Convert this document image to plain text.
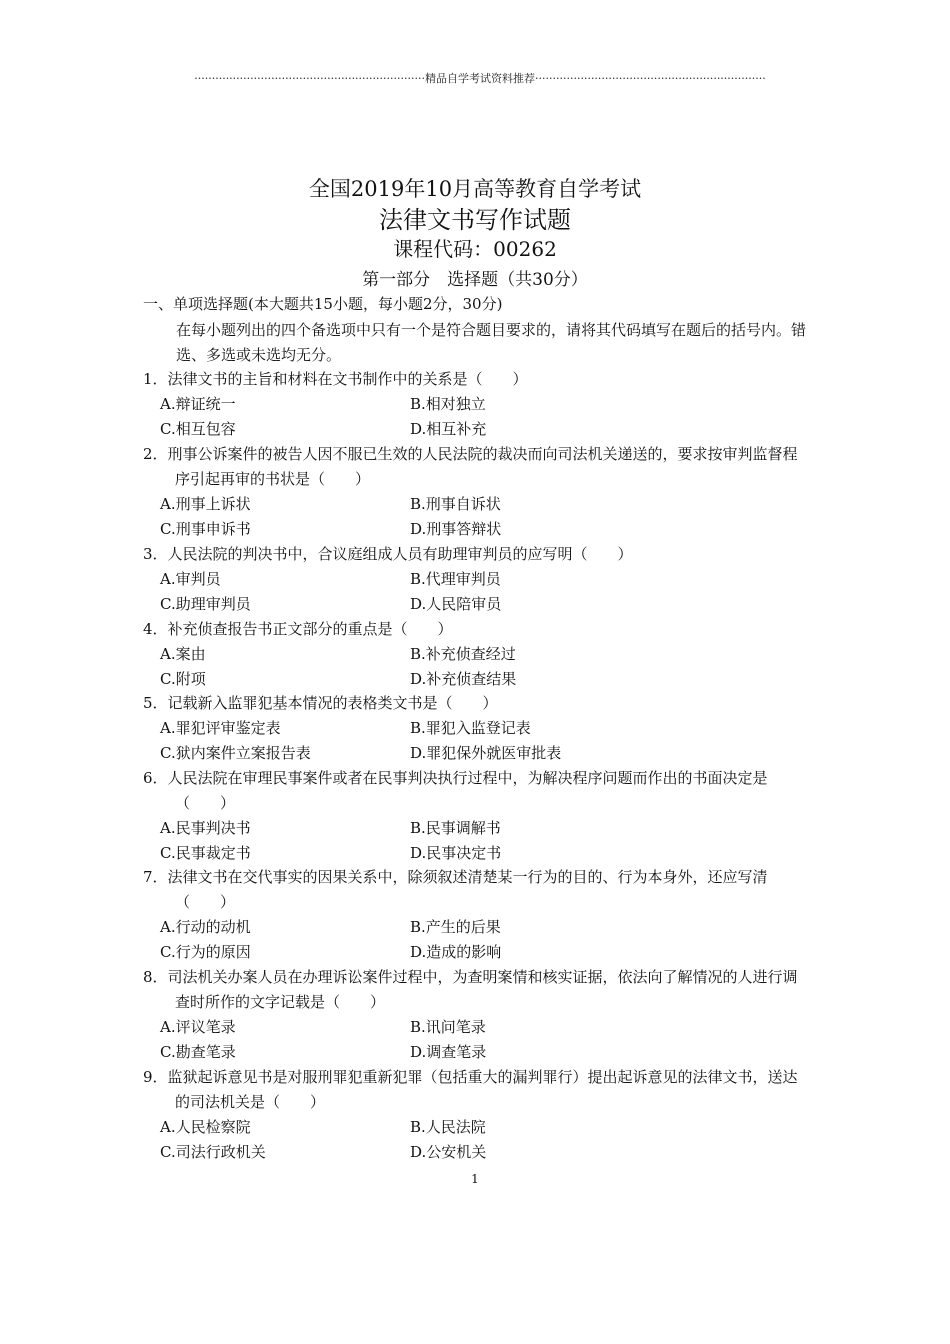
··································································精品自学考试资料推荐··································································
全国2019年10月高等教育自学考试
法律文书写作试题
课程代码：00262
第一部分　选择题（共30分）
一、单项选择题(本大题共15小题，每小题2分，30分)
在每小题列出的四个备选项中只有一个是符合题目要求的，请将其代码填写在题后的括号内。错选、多选或未选均无分。
1．法律文书的主旨和材料在文书制作中的关系是（　　）
A.辩证统一	B.相对独立
C.相互包容	D.相互补充
2．刑事公诉案件的被告人因不服已生效的人民法院的裁决而向司法机关递送的，要求按审判监督程序引起再审的书状是（　　）
A.刑事上诉状	B.刑事自诉状
C.刑事申诉书	D.刑事答辩状
3．人民法院的判决书中，合议庭组成人员有助理审判员的应写明（　　）
A.审判员	B.代理审判员
C.助理审判员	D.人民陪审员
4．补充侦查报告书正文部分的重点是（　　）
A.案由	B.补充侦查经过
C.附项	D.补充侦查结果
5．记载新入监罪犯基本情况的表格类文书是（　　）
A.罪犯评审鉴定表	B.罪犯入监登记表
C.狱内案件立案报告表	D.罪犯保外就医审批表
6．人民法院在审理民事案件或者在民事判决执行过程中，为解决程序问题而作出的书面决定是（　　）
A.民事判决书	B.民事调解书
C.民事裁定书	D.民事决定书
7．法律文书在交代事实的因果关系中，除须叙述清楚某一行为的目的、行为本身外，还应写清（　　）
A.行动的动机	B.产生的后果
C.行为的原因	D.造成的影响
8．司法机关办案人员在办理诉讼案件过程中，为查明案情和核实证据，依法向了解情况的人进行调查时所作的文字记载是（　　）
A.评议笔录	B.讯问笔录
C.勘查笔录	D.调查笔录
9．监狱起诉意见书是对服刑罪犯重新犯罪（包括重大的漏判罪行）提出起诉意见的法律文书，送达的司法机关是（　　）
A.人民检察院	B.人民法院
C.司法行政机关	D.公安机关
1
